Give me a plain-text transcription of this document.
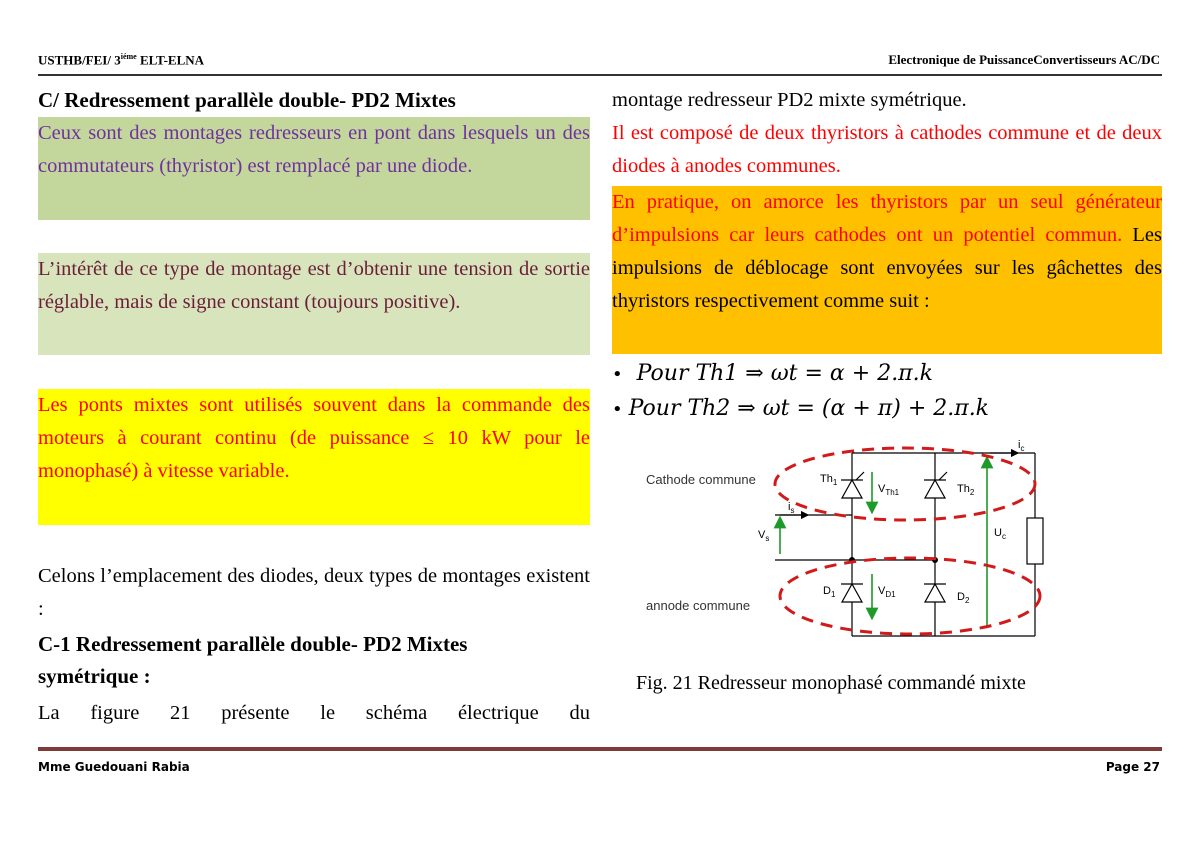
USTHB/FEI/ $3^{iéme}$ ELT-ELNA	Electronique de PuissanceConvertisseurs AC/DC
C/ Redressement parallèle double- PD2 Mixtes
Ceux sont des montages redresseurs en pont dans lesquels un des commutateurs (thyristor) est remplacé par une diode.
L’intérêt de ce type de montage est d’obtenir une tension de sortie réglable, mais de signe constant (toujours positive).
Les ponts mixtes sont utilisés souvent dans la commande des moteurs à courant continu (de puissance ≤ 10 kW pour le monophasé) à vitesse variable.
Celons l’emplacement des diodes, deux types de montages existent :
C-1 Redressement parallèle double- PD2 Mixtes
symétrique :
La figure 21 présente le schéma électrique du
montage redresseur PD2 mixte symétrique.
Il est composé de deux thyristors à cathodes commune et de deux diodes à anodes communes.
En pratique, on amorce les thyristors par un seul générateur d’impulsions car leurs cathodes ont un potentiel commun. Les impulsions de déblocage sont envoyées sur les gâchettes des thyristors respectivement comme suit :
• Pour Th1 ⇒ ωt = α + 2.π.k
• Pour Th2 ⇒ ωt = (α + π) + 2.π.k
Cathode commune
annode commune
$Th_1$
$Th_2$
$D_1$	$D_2$
$V_{Th1}$
$V_{D1}$
$V_s$
$i_s$
$i_c$
$U_c$
Fig. 21 Redresseur monophasé commandé mixte
Mme Guedouani Rabia	Page 27
